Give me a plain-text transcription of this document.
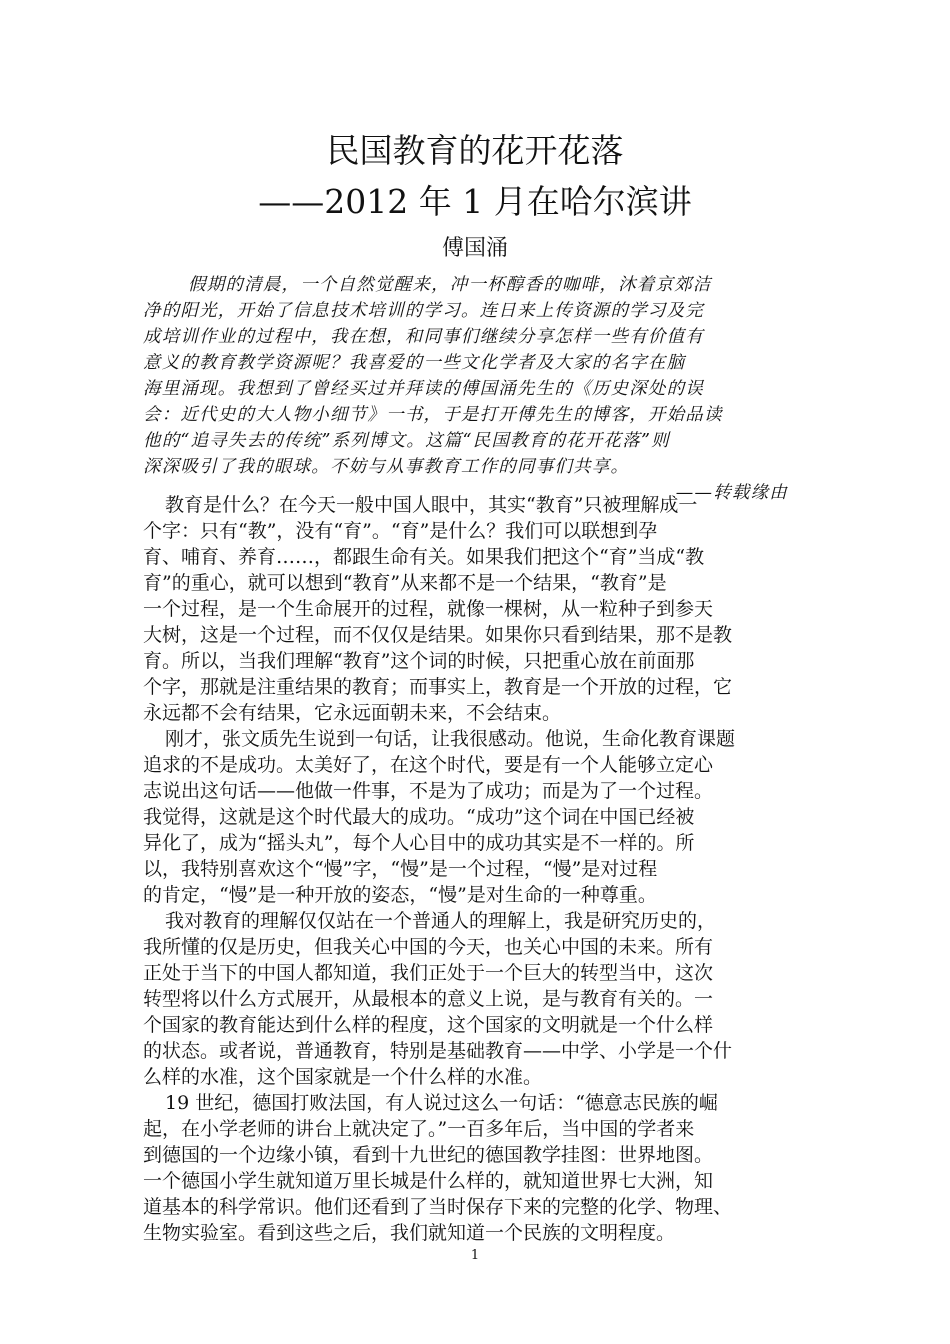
民国教育的花开花落
——2012 年 1 月在哈尔滨讲
傅国涌
假期的清晨，一个自然觉醒来，冲一杯醇香的咖啡，沐着京郊洁
净的阳光，开始了信息技术培训的学习。连日来上传资源的学习及完
成培训作业的过程中，我在想，和同事们继续分享怎样一些有价值有
意义的教育教学资源呢？我喜爱的一些文化学者及大家的名字在脑
海里涌现。我想到了曾经买过并拜读的傅国涌先生的《历史深处的误
会：近代史的大人物小细节》一书，于是打开傅先生的博客，开始品读
他的“追寻失去的传统”系列博文。这篇“民国教育的花开花落”则
深深吸引了我的眼球。不妨与从事教育工作的同事们共享。
——转载缘由
教育是什么？在今天一般中国人眼中，其实“教育”只被理解成一
个字：只有“教”，没有“育”。“育”是什么？我们可以联想到孕
育、哺育、养育……，都跟生命有关。如果我们把这个“育”当成“教
育”的重心，就可以想到“教育”从来都不是一个结果，“教育”是
一个过程，是一个生命展开的过程，就像一棵树，从一粒种子到参天
大树，这是一个过程，而不仅仅是结果。如果你只看到结果，那不是教
育。所以，当我们理解“教育”这个词的时候，只把重心放在前面那
个字，那就是注重结果的教育；而事实上，教育是一个开放的过程，它
永远都不会有结果，它永远面朝未来，不会结束。
刚才，张文质先生说到一句话，让我很感动。他说，生命化教育课题
追求的不是成功。太美好了，在这个时代，要是有一个人能够立定心
志说出这句话——他做一件事，不是为了成功；而是为了一个过程。
我觉得，这就是这个时代最大的成功。“成功”这个词在中国已经被
异化了，成为“摇头丸”，每个人心目中的成功其实是不一样的。所
以，我特别喜欢这个“慢”字，“慢”是一个过程，“慢”是对过程
的肯定，“慢”是一种开放的姿态，“慢”是对生命的一种尊重。
我对教育的理解仅仅站在一个普通人的理解上，我是研究历史的，
我所懂的仅是历史，但我关心中国的今天，也关心中国的未来。所有
正处于当下的中国人都知道，我们正处于一个巨大的转型当中，这次
转型将以什么方式展开，从最根本的意义上说，是与教育有关的。一
个国家的教育能达到什么样的程度，这个国家的文明就是一个什么样
的状态。或者说，普通教育，特别是基础教育——中学、小学是一个什
么样的水准，这个国家就是一个什么样的水准。
19 世纪，德国打败法国，有人说过这么一句话：“德意志民族的崛
起，在小学老师的讲台上就决定了。”一百多年后，当中国的学者来
到德国的一个边缘小镇，看到十九世纪的德国教学挂图：世界地图。
一个德国小学生就知道万里长城是什么样的，就知道世界七大洲，知
道基本的科学常识。他们还看到了当时保存下来的完整的化学、物理、
生物实验室。看到这些之后，我们就知道一个民族的文明程度。
1
